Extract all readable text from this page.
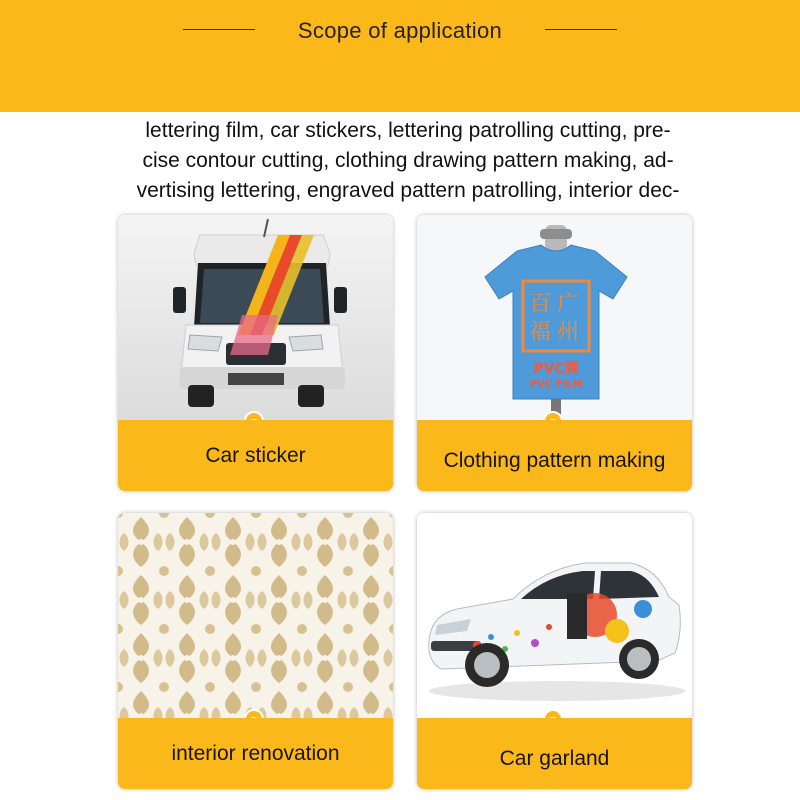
Scope of application
lettering film, car stickers, lettering patrolling cutting, pre-
cise contour cutting, clothing drawing pattern making, ad-
vertising lettering, engraved pattern patrolling, interior dec-
Car sticker
百 广
福 州
PVC膜
PVC FILM
Clothing pattern making
interior renovation	Car garland
